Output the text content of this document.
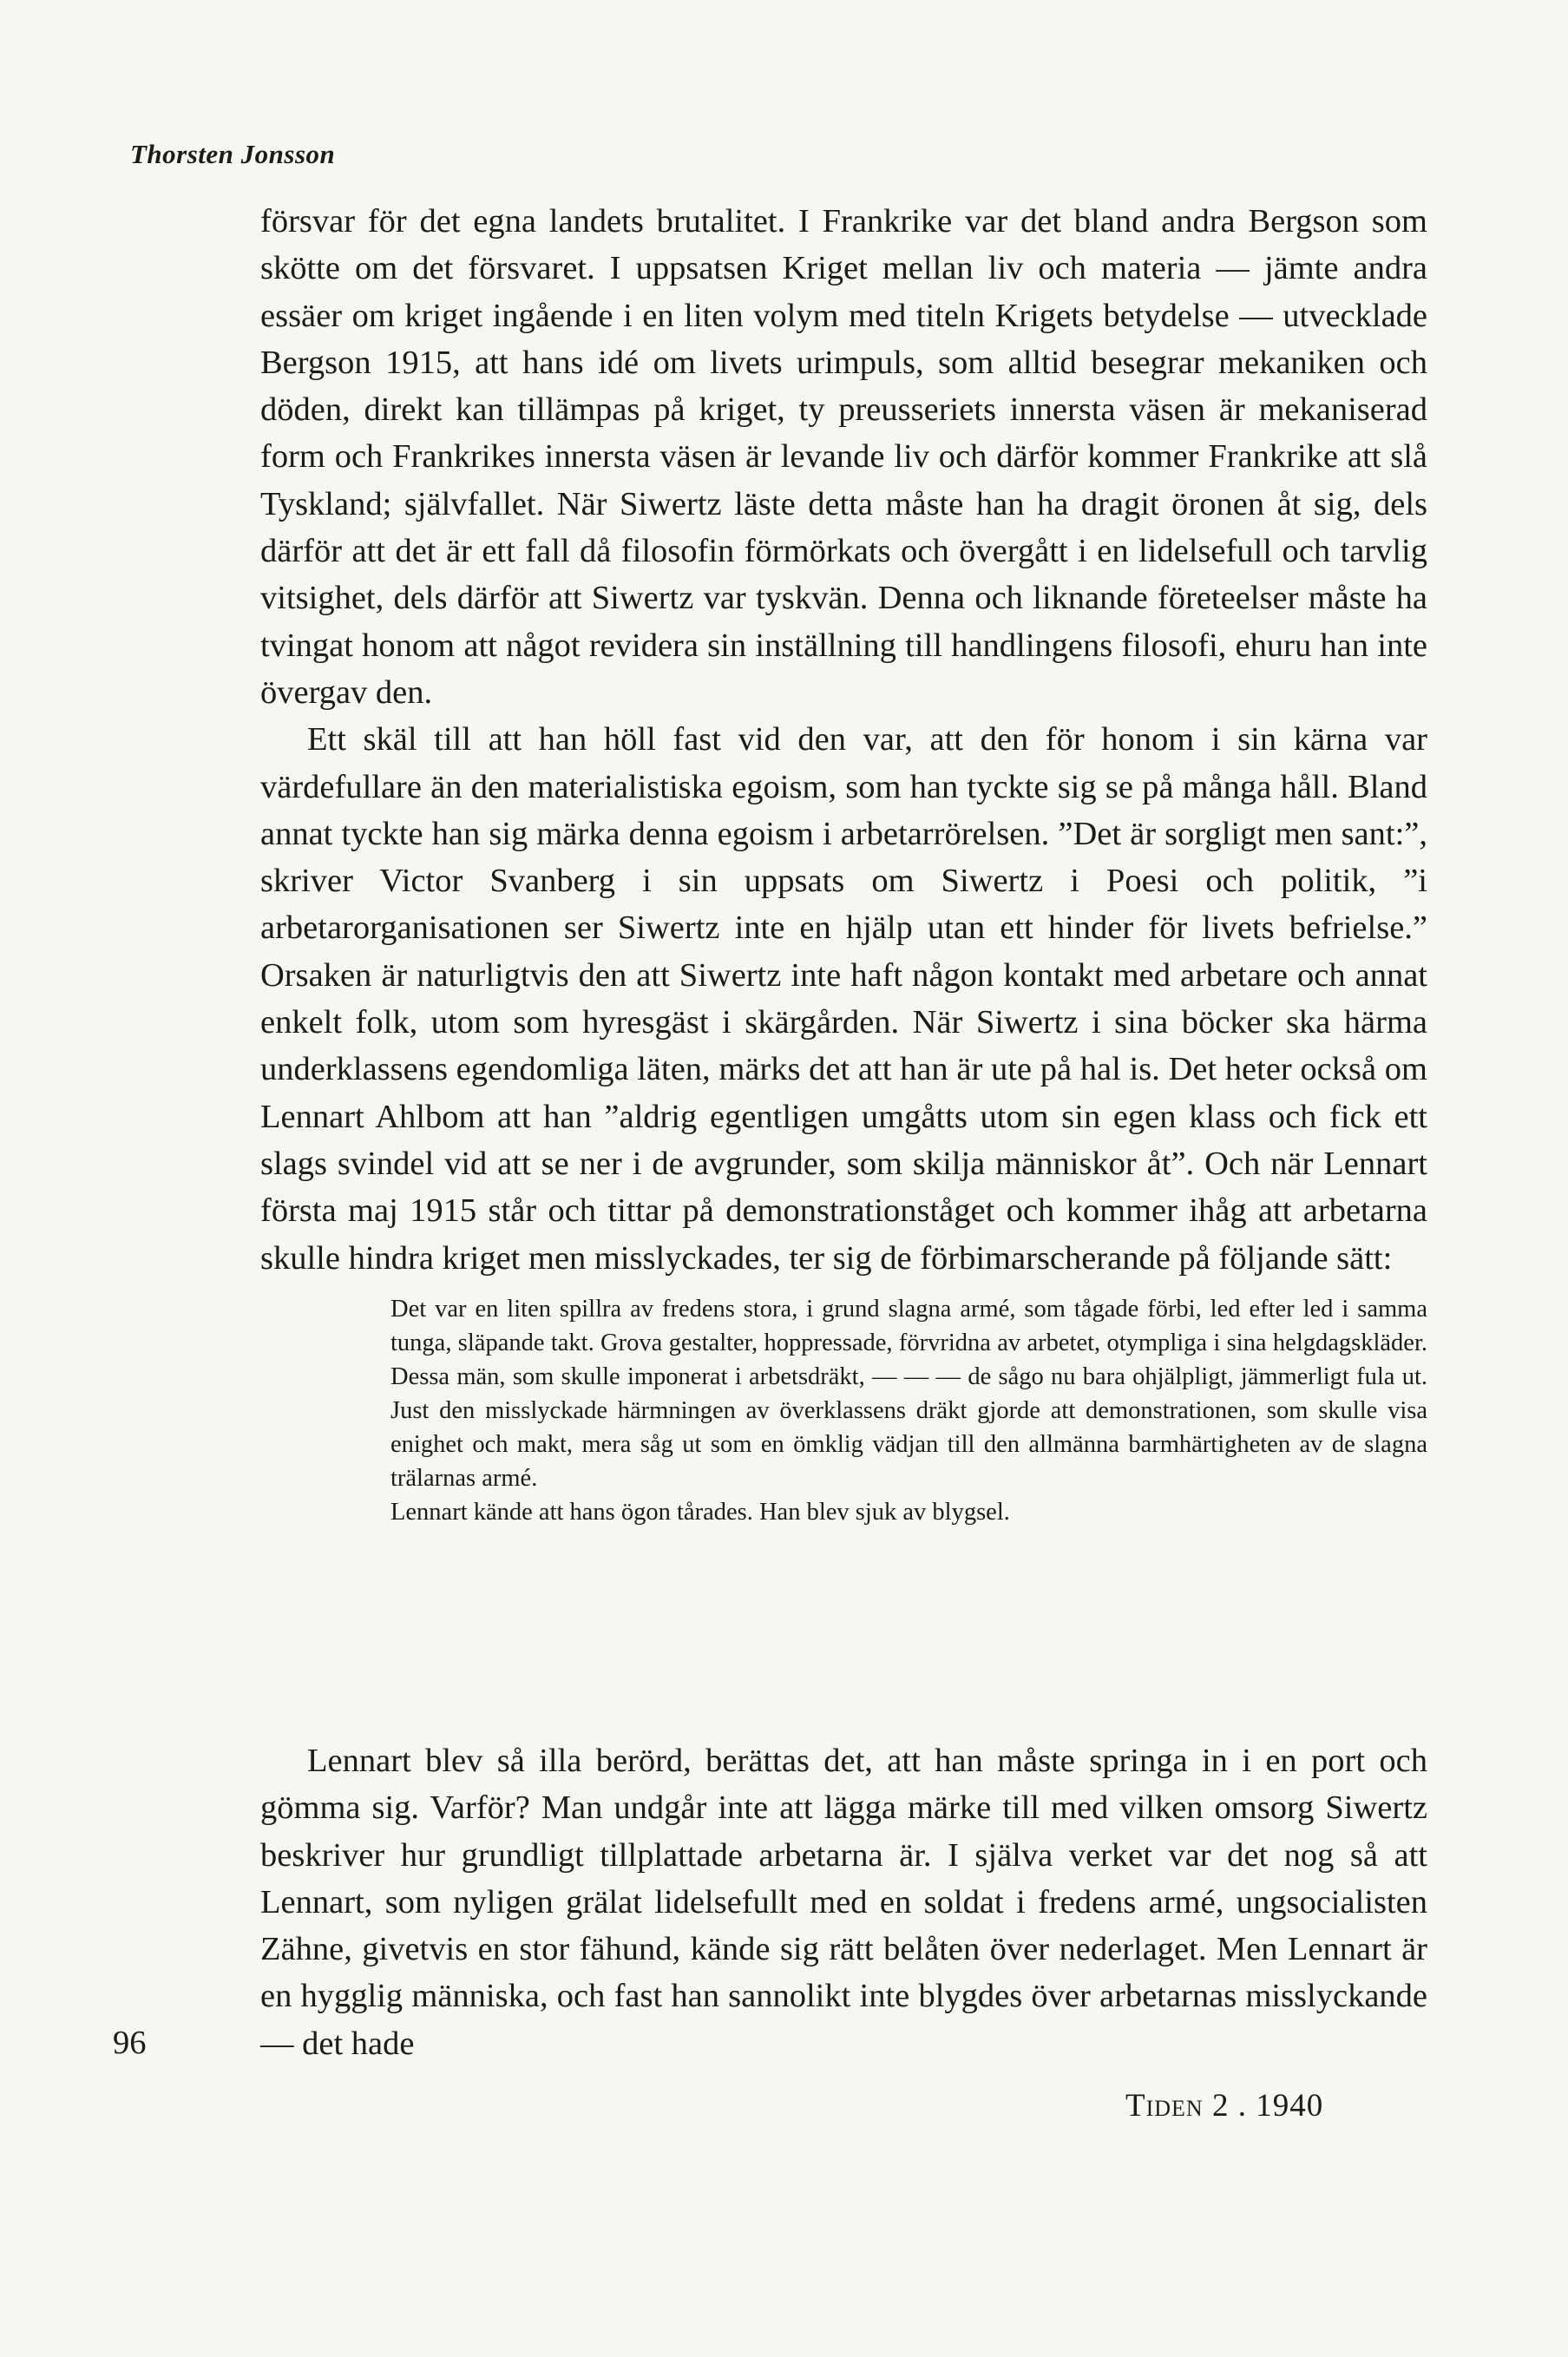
Thorsten Jonsson

försvar för det egna landets brutalitet. I Frankrike var det bland andra Bergson som skötte om det försvaret. I uppsatsen Kriget mellan liv och materia — jämte andra essäer om kriget ingående i en liten volym med titeln Krigets betydelse — utvecklade Bergson 1915, att hans idé om livets urimpuls, som alltid besegrar mekaniken och döden, direkt kan tillämpas på kriget, ty preusseriets innersta väsen är mekaniserad form och Frankrikes innersta väsen är levande liv och därför kommer Frankrike att slå Tyskland; självfallet. När Siwertz läste detta måste han ha dragit öronen åt sig, dels därför att det är ett fall då filosofin förmörkats och övergått i en lidelsefull och tarvlig vitsighet, dels därför att Siwertz var tyskvän. Denna och liknande företeelser måste ha tvingat honom att något revidera sin inställning till handlingens filosofi, ehuru han inte övergav den.

Ett skäl till att han höll fast vid den var, att den för honom i sin kärna var värdefullare än den materialistiska egoism, som han tyckte sig se på många håll. Bland annat tyckte han sig märka denna egoism i arbetarrörelsen. ”Det är sorgligt men sant:”, skriver Victor Svanberg i sin uppsats om Siwertz i Poesi och politik, ”i arbetarorganisationen ser Siwertz inte en hjälp utan ett hinder för livets befrielse.” Orsaken är naturligtvis den att Siwertz inte haft någon kontakt med arbetare och annat enkelt folk, utom som hyresgäst i skärgården. När Siwertz i sina böcker ska härma underklassens egendomliga läten, märks det att han är ute på hal is. Det heter också om Lennart Ahlbom att han ”aldrig egentligen umgåtts utom sin egen klass och fick ett slags svindel vid att se ner i de avgrunder, som skilja människor åt”. Och när Lennart första maj 1915 står och tittar på demonstrationståget och kommer ihåg att arbetarna skulle hindra kriget men misslyckades, ter sig de förbimarscherande på följande sätt:

Det var en liten spillra av fredens stora, i grund slagna armé, som tågade förbi, led efter led i samma tunga, släpande takt. Grova gestalter, hoppressade, förvridna av arbetet, otympliga i sina helgdagskläder. Dessa män, som skulle imponerat i arbetsdräkt, — — — de sågo nu bara ohjälpligt, jämmerligt fula ut. Just den misslyckade härmningen av överklassens dräkt gjorde att demonstrationen, som skulle visa enighet och makt, mera såg ut som en ömklig vädjan till den allmänna barmhärtigheten av de slagna trälarnas armé.

Lennart kände att hans ögon tårades. Han blev sjuk av blygsel.

Lennart blev så illa berörd, berättas det, att han måste springa in i en port och gömma sig. Varför? Man undgår inte att lägga märke till med vilken omsorg Siwertz beskriver hur grundligt tillplattade arbetarna är. I själva verket var det nog så att Lennart, som nyligen grälat lidelsefullt med en soldat i fredens armé, ungsocialisten Zähne, givetvis en stor fähund, kände sig rätt belåten över nederlaget. Men Lennart är en hygglig människa, och fast han sannolikt inte blygdes över arbetarnas misslyckande — det hade

96
Tiden 2 . 1940
